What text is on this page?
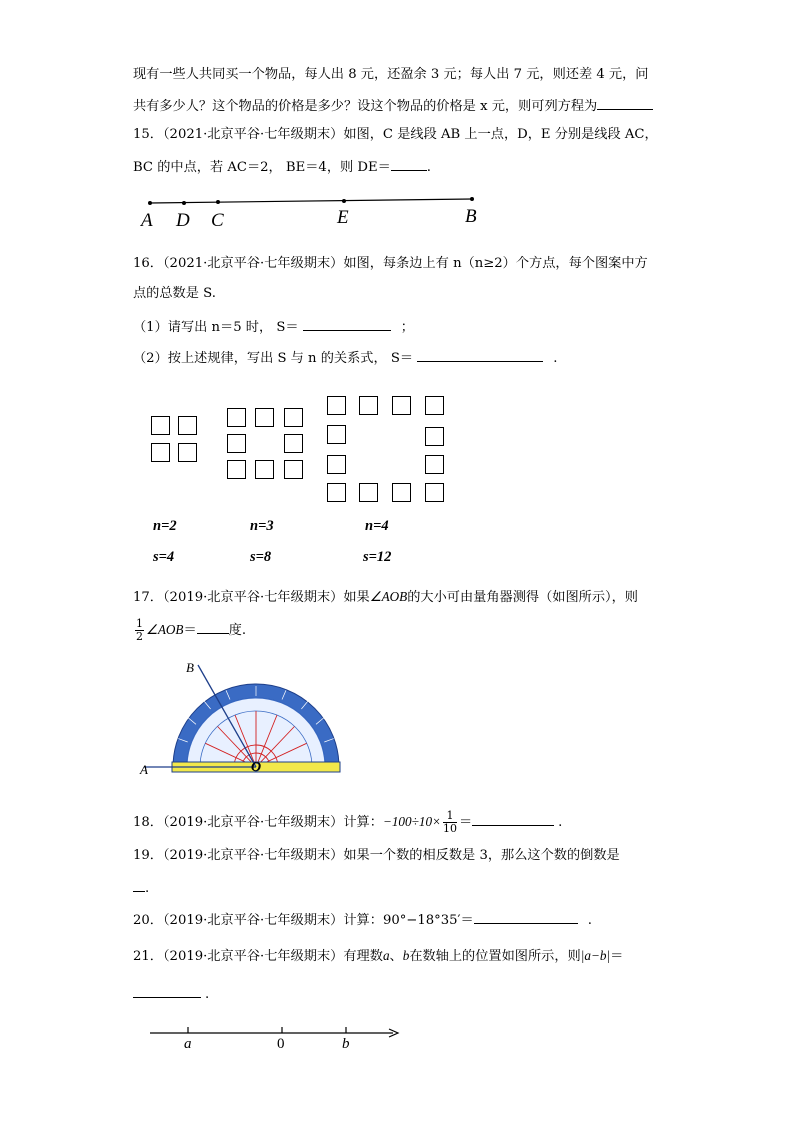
现有一些人共同买一个物品，每人出 8 元，还盈余 3 元；每人出 7 元，则还差 4 元，问
共有多少人？这个物品的价格是多少？设这个物品的价格是 x 元，则可列方程为
15．（2021·北京平谷·七年级期末）如图，C 是线段 AB 上一点，D，E 分别是线段 AC，
BC 的中点，若 AC＝2， BE＝4，则 DE＝	.
A D C	E	B
16．（2021·北京平谷·七年级期末）如图，每条边上有 n（n≥2）个方点，每个图案中方
点的总数是 S.
（1）请写出 n＝5 时， S＝	；
（2）按上述规律，写出 S 与 n 的关系式， S＝	.
n=2	n=3	n=4
s=4	s=8	s=12
17．（2019·北京平谷·七年级期末）如果∠AOB的大小可由量角器测得（如图所示），则
$\frac{1}{2}$ ∠AOB＝ 度.
B
A	O
18．（2019·北京平谷·七年级期末）计算：$-100\div 10\times \frac{1}{10}$ ＝	.
19．（2019·北京平谷·七年级期末）如果一个数的相反数是 3，那么这个数的倒数是
.
20．（2019·北京平谷·七年级期末）计算：90°−18°35′＝	.
21．（2019·北京平谷·七年级期末）有理数a、b在数轴上的位置如图所示，则|a−b|＝
.
a	0	b
